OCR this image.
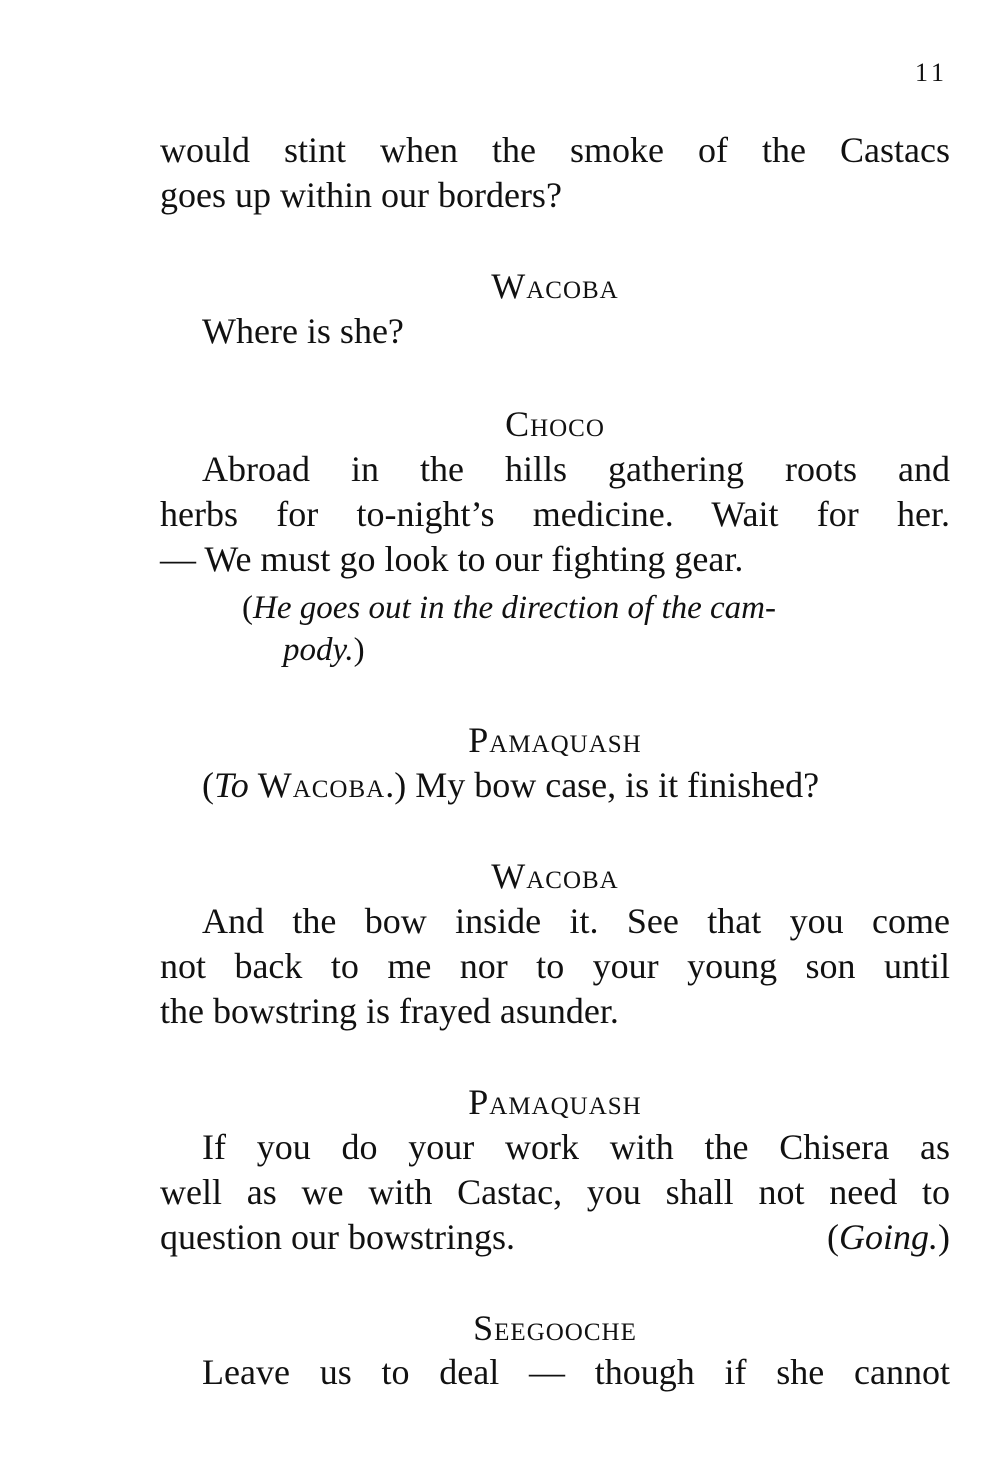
11
would stint when the smoke of the Castacs
goes up within our borders?
Wacoba
Where is she?
Choco
Abroad in the hills gathering roots and
herbs for to-night’s medicine. Wait for her.
— We must go look to our fighting gear.
(He goes out in the direction of the cam-
pody.)
Pamaquash
(To Wacoba.) My bow case, is it finished?
Wacoba
And the bow inside it. See that you come
not back to me nor to your young son until
the bowstring is frayed asunder.
Pamaquash
If you do your work with the Chisera as
well as we with Castac, you shall not need to
question our bowstrings.	(Going.)
Seegooche
Leave us to deal — though if she cannot
